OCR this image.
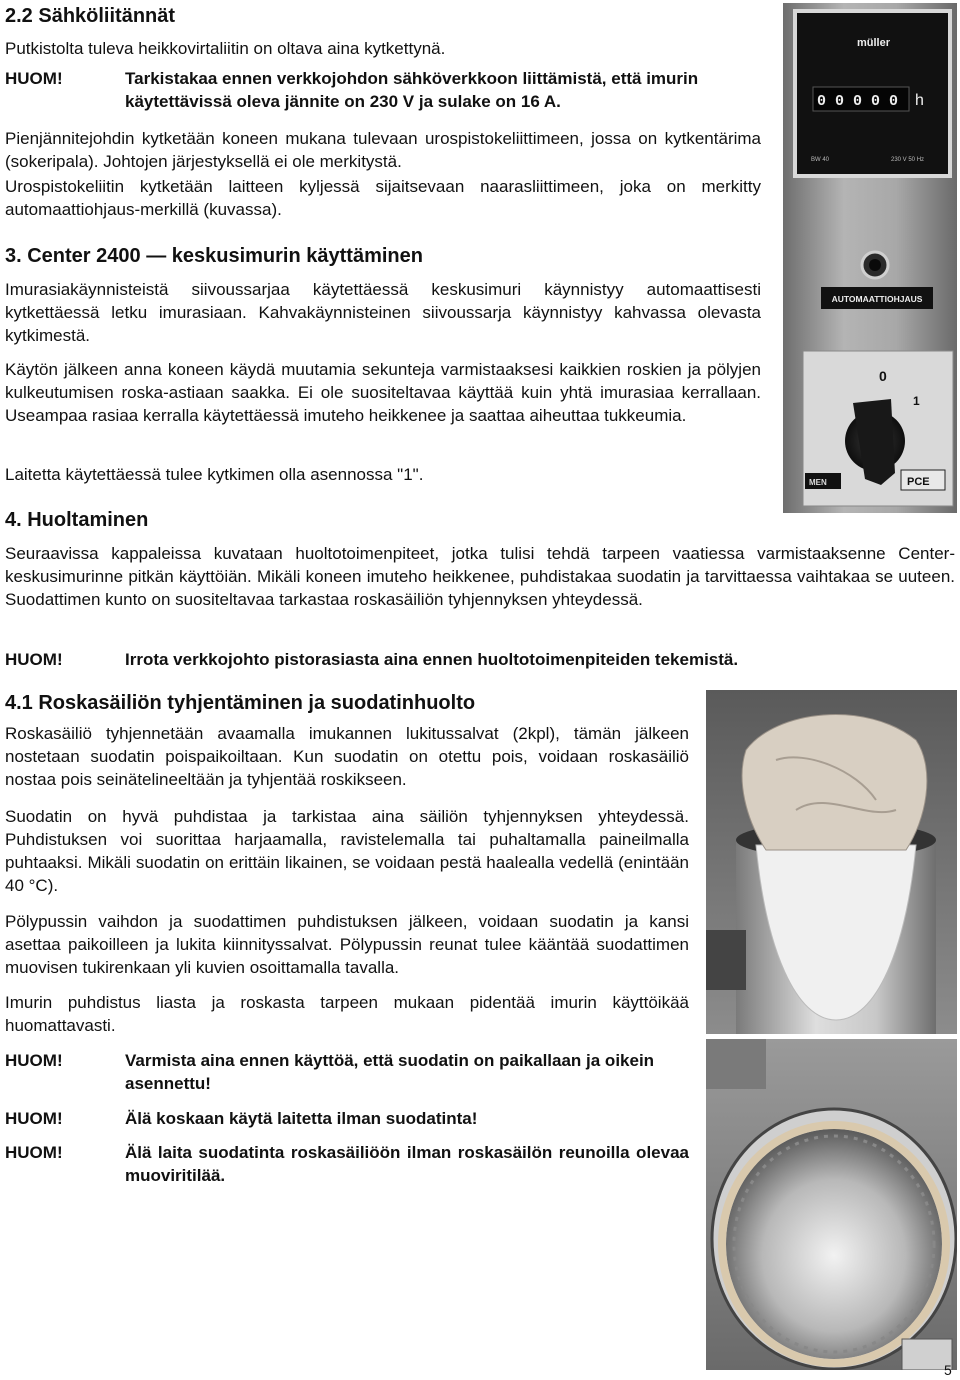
2.2 Sähköliitännät
Putkistolta tuleva heikkovirtaliitin on oltava aina kytkettynä.
HUOM!	Tarkistakaa ennen verkkojohdon sähköverkkoon liittämistä, että imurin käytettävissä oleva jännite on 230 V ja sulake on 16 A.
Pienjännitejohdin kytketään koneen mukana tulevaan urospistokeliittimeen, jossa on kytkentärima (sokeripala). Johtojen järjestyksellä ei ole merkitystä.
Urospistokeliitin kytketään laitteen kyljessä sijaitsevaan naarasliittimeen, joka on merkitty automaattiohjaus-merkillä (kuvassa).
3. Center 2400 — keskusimurin käyttäminen
Imurasiakäynnisteistä siivoussarjaa käytettäessä keskusimuri käynnistyy automaattisesti kytkettäessä letku imurasiaan. Kahvakäynnisteinen siivoussarja käynnistyy kahvassa olevasta kytkimestä.
Käytön jälkeen anna koneen käydä muutamia sekunteja varmistaaksesi kaikkien roskien ja pölyjen kulkeutumisen roska-astiaan saakka. Ei ole suositeltavaa käyttää kuin yhtä imurasiaa kerrallaan. Useampaa rasiaa kerralla käytettäessä imuteho heikkenee ja saattaa aiheuttaa tukkeumia.
Laitetta käytettäessä tulee kytkimen olla asennossa "1".
müller
0 0 0 0 0 h
BW 40	230 V 50 Hz
AUTOMAATTIOHJAUS
0
1
MEN	PCE
4. Huoltaminen
Seuraavissa kappaleissa kuvataan huoltotoimenpiteet, jotka tulisi tehdä tarpeen vaatiessa varmistaaksenne Center-keskusimurinne pitkän käyttöiän. Mikäli koneen imuteho heikkenee, puhdistakaa suodatin ja tarvittaessa vaihtakaa se uuteen. Suodattimen kunto on suositeltavaa tarkastaa roskasäiliön tyhjennyksen yhteydessä.
HUOM!	Irrota verkkojohto pistorasiasta aina ennen huoltotoimenpiteiden tekemistä.
4.1 Roskasäiliön tyhjentäminen ja suodatinhuolto
Roskasäiliö tyhjennetään avaamalla imukannen lukitussalvat (2kpl), tämän jälkeen nostetaan suodatin poispaikoiltaan. Kun suodatin on otettu pois, voidaan roskasäiliö nostaa pois seinätelineeltään ja tyhjentää roskikseen.
Suodatin on hyvä puhdistaa ja tarkistaa aina säiliön tyhjennyksen yhteydessä. Puhdistuksen voi suorittaa harjaamalla, ravistelemalla tai puhaltamalla paineilmalla puhtaaksi. Mikäli suodatin on erittäin likainen, se voidaan pestä haalealla vedellä (enintään 40 °C).
Pölypussin vaihdon ja suodattimen puhdistuksen jälkeen, voidaan suodatin ja kansi asettaa paikoilleen ja lukita kiinnityssalvat. Pölypussin reunat tulee kääntää suodattimen muovisen tukirenkaan yli kuvien osoittamalla tavalla.
Imurin puhdistus liasta ja roskasta tarpeen mukaan pidentää imurin käyttöikää huomattavasti.
HUOM!	Varmista aina ennen käyttöä, että suodatin on paikallaan ja oikein asennettu!
HUOM!	Älä koskaan käytä laitetta ilman suodatinta!
HUOM!	Älä laita suodatinta roskasäiliöön ilman roskasäilön reunoilla olevaa muoviritilää.
5
